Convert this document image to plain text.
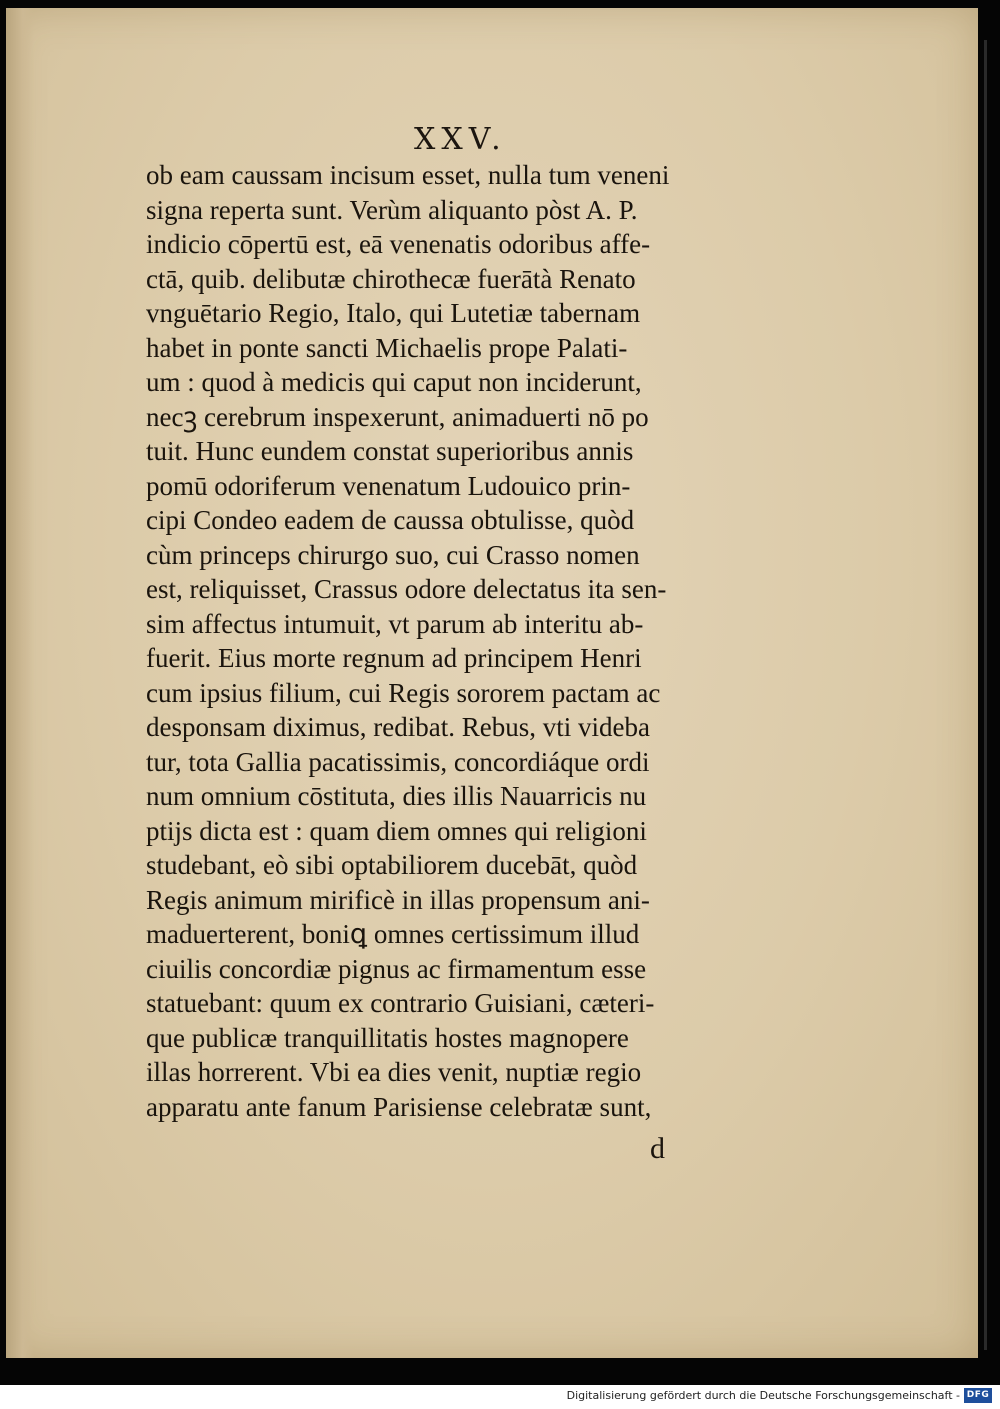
XXV.
ob eam caussam incisum esset, nulla tum veneni
signa reperta sunt. Verùm aliquanto pòst A. P.
indicio cōpertū est, eā venenatis odoribus affe-
ctā, quib. delibutæ chirothecæ fuerātà Renato
vnguētario Regio, Italo, qui Lutetiæ tabernam
habet in ponte sancti Michaelis prope Palati-
um : quod à medicis qui caput non inciderunt,
necꝫ cerebrum inspexerunt, animaduerti nō po
tuit. Hunc eundem constat superioribus annis
pomū odoriferum venenatum Ludouico prin-
cipi Condeo eadem de caussa obtulisse, quòd
cùm princeps chirurgo suo, cui Crasso nomen
est, reliquisset, Crassus odore delectatus ita sen-
sim affectus intumuit, vt parum ab interitu ab-
fuerit. Eius morte regnum ad principem Henri
cum ipsius filium, cui Regis sororem pactam ac
desponsam diximus, redibat. Rebus, vti videba
tur, tota Gallia pacatissimis, concordiáque ordi
num omnium cōstituta, dies illis Nauarricis nu
ptijs dicta est : quam diem omnes qui religioni
studebant, eò sibi optabiliorem ducebāt, quòd
Regis animum mirificè in illas propensum ani-
maduerterent, boniꝗ omnes certissimum illud
ciuilis concordiæ pignus ac firmamentum esse
statuebant: quum ex contrario Guisiani, cæteri-
que publicæ tranquillitatis hostes magnopere
illas horrerent. Vbi ea dies venit, nuptiæ regio
apparatu ante fanum Parisiense celebratæ sunt,
d
Digitalisierung gefördert durch die Deutsche Forschungsgemeinschaft - DFG
